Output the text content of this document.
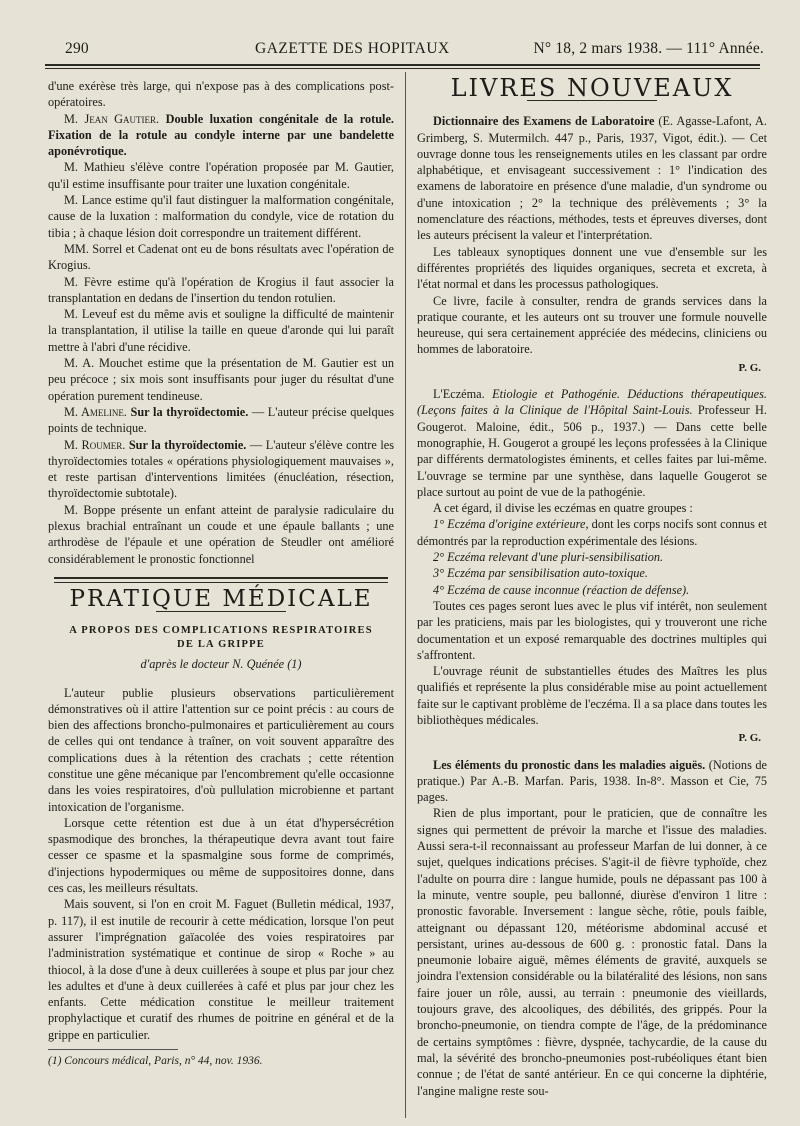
290	GAZETTE DES HOPITAUX	N° 18, 2 mars 1938. — 111° Année.

d'une exérèse très large, qui n'expose pas à des complications post-opératoires.

M. Jean Gautier. Double luxation congénitale de la rotule. Fixation de la rotule au condyle interne par une bandelette aponévrotique.

M. Mathieu s'élève contre l'opération proposée par M. Gautier, qu'il estime insuffisante pour traiter une luxation congénitale.

M. Lance estime qu'il faut distinguer la malformation congénitale, cause de la luxation : malformation du condyle, vice de rotation du tibia ; à chaque lésion doit correspondre un traitement différent.

MM. Sorrel et Cadenat ont eu de bons résultats avec l'opération de Krogius.

M. Fèvre estime qu'à l'opération de Krogius il faut associer la transplantation en dedans de l'insertion du tendon rotulien.

M. Leveuf est du même avis et souligne la difficulté de maintenir la transplantation, il utilise la taille en queue d'aronde qui lui paraît mettre à l'abri d'une récidive.

M. A. Mouchet estime que la présentation de M. Gautier est un peu précoce ; six mois sont insuffisants pour juger du résultat d'une opération purement tendineuse.

M. Ameline. Sur la thyroïdectomie. — L'auteur précise quelques points de technique.

M. Roumer. Sur la thyroïdectomie. — L'auteur s'élève contre les thyroïdectomies totales « opérations physiologiquement mauvaises », et reste partisan d'interventions limitées (énucléation, résection, thyroïdectomie subtotale).

M. Boppe présente un enfant atteint de paralysie radiculaire du plexus brachial entraînant un coude et une épaule ballants ; une arthrodèse de l'épaule et une opération de Steudler ont amélioré considérablement le pronostic fonctionnel

PRATIQUE MÉDICALE
A PROPOS DES COMPLICATIONS RESPIRATOIRES
DE LA GRIPPE
d'après le docteur N. Quénée (1)

L'auteur publie plusieurs observations particulièrement démonstratives où il attire l'attention sur ce point précis : au cours de bien des affections broncho-pulmonaires et particulièrement au cours de celles qui ont tendance à traîner, on voit souvent apparaître des complications dues à la rétention des crachats ; cette rétention constitue une gêne mécanique par l'encombrement qu'elle occasionne dans les voies respiratoires, d'où pullulation microbienne et partant intoxication de l'organisme.

Lorsque cette rétention est due à un état d'hypersécrétion spasmodique des bronches, la thérapeutique devra avant tout faire cesser ce spasme et la spasmalgine sous forme de comprimés, d'injections hypodermiques ou même de suppositoires donne, dans ces cas, les meilleurs résultats.

Mais souvent, si l'on en croit M. Faguet (Bulletin médical, 1937, p. 117), il est inutile de recourir à cette médication, lorsque l'on peut assurer l'imprégnation gaïacolée des voies respiratoires par l'administration systématique et continue de sirop « Roche » au thiocol, à la dose d'une à deux cuillerées à soupe et plus par jour chez les adultes et d'une à deux cuillerées à café et plus par jour chez les enfants. Cette médication constitue le meilleur traitement prophylactique et curatif des rhumes de poitrine en général et de la grippe en particulier.

(1) Concours médical, Paris, n° 44, nov. 1936.
LIVRES NOUVEAUX

Dictionnaire des Examens de Laboratoire (E. Agasse-Lafont, A. Grimberg, S. Mutermilch. 447 p., Paris, 1937, Vigot, édit.). — Cet ouvrage donne tous les renseignements utiles en les classant par ordre alphabétique, et envisageant successivement : 1° l'indication des examens de laboratoire en présence d'une maladie, d'un syndrome ou d'une intoxication ; 2° la technique des prélèvements ; 3° la nomenclature des réactions, méthodes, tests et épreuves diverses, dont les auteurs précisent la valeur et l'interprétation.

Les tableaux synoptiques donnent une vue d'ensemble sur les différentes propriétés des liquides organiques, secreta et excreta, à l'état normal et dans les processus pathologiques.

Ce livre, facile à consulter, rendra de grands services dans la pratique courante, et les auteurs ont su trouver une formule nouvelle heureuse, qui sera certainement appréciée des médecins, cliniciens ou hommes de laboratoire.

P. G.

L'Eczéma. Etiologie et Pathogénie. Déductions thérapeutiques. (Leçons faites à la Clinique de l'Hôpital Saint-Louis. Professeur H. Gougerot. Maloine, édit., 506 p., 1937.) — Dans cette belle monographie, H. Gougerot a groupé les leçons professées à la Clinique par différents dermatologistes éminents, et celles faites par lui-même. L'ouvrage se termine par une synthèse, dans laquelle Gougerot se place surtout au point de vue de la pathogénie.

A cet égard, il divise les eczémas en quatre groupes :

1° Eczéma d'origine extérieure, dont les corps nocifs sont connus et démontrés par la reproduction expérimentale des lésions.

2° Eczéma relevant d'une pluri-sensibilisation.

3° Eczéma par sensibilisation auto-toxique.

4° Eczéma de cause inconnue (réaction de défense).

Toutes ces pages seront lues avec le plus vif intérêt, non seulement par les praticiens, mais par les biologistes, qui y trouveront une riche documentation et un exposé remarquable des doctrines multiples qui s'affrontent.

L'ouvrage réunit de substantielles études des Maîtres les plus qualifiés et représente la plus considérable mise au point actuellement faite sur le captivant problème de l'eczéma. Il a sa place dans toutes les bibliothèques médicales.

P. G.

Les éléments du pronostic dans les maladies aiguës. (Notions de pratique.) Par A.-B. Marfan. Paris, 1938. In-8°. Masson et Cie, 75 pages.

Rien de plus important, pour le praticien, que de connaître les signes qui permettent de prévoir la marche et l'issue des maladies. Aussi sera-t-il reconnaissant au professeur Marfan de lui donner, à ce sujet, quelques indications précises. S'agit-il de fièvre typhoïde, chez l'adulte on pourra dire : langue humide, pouls ne dépassant pas 100 à la minute, ventre souple, peu ballonné, diurèse d'environ 1 litre : pronostic favorable. Inversement : langue sèche, rôtie, pouls faible, atteignant ou dépassant 120, météorisme abdominal accusé et persistant, urines au-dessous de 600 g. : pronostic fatal. Dans la pneumonie lobaire aiguë, mêmes éléments de gravité, auxquels se joindra l'extension considérable ou la bilatéralité des lésions, non sans faire jouer un rôle, aussi, au terrain : pneumonie des vieillards, toujours grave, des alcooliques, des débilités, des grippés. Pour la broncho-pneumonie, on tiendra compte de l'âge, de la prédominance de certains symptômes : fièvre, dyspnée, tachycardie, de la cause du mal, la sévérité des broncho-pneumonies post-rubéoliques étant bien connue ; de l'état de santé antérieur. En ce qui concerne la diphtérie, l'angine maligne reste sou-
